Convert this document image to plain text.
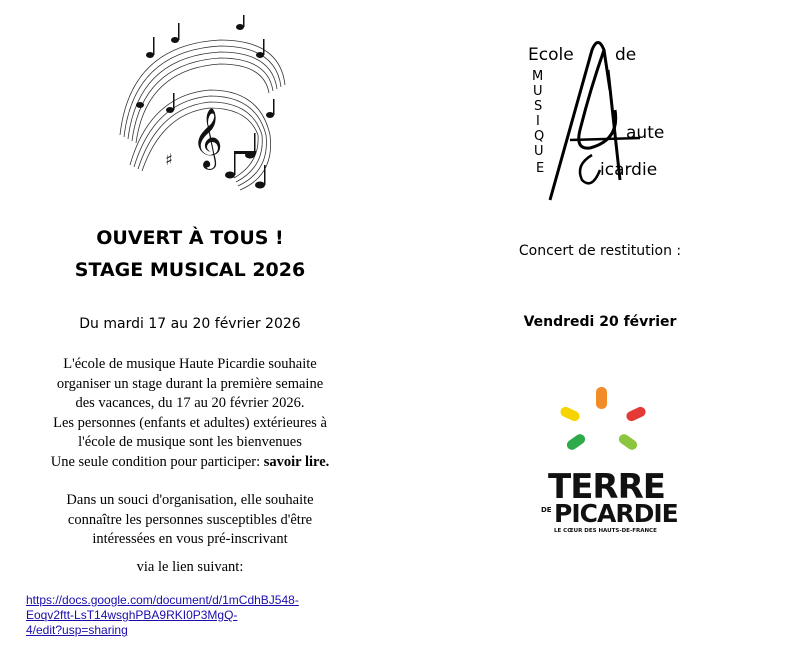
𝄞
♯
OUVERT À TOUS !
STAGE MUSICAL 2026
Du mardi 17 au 20 février 2026
L'école de musique Haute Picardie souhaite
organiser un stage durant la première semaine
des vacances, du 17 au 20 février 2026.
Les personnes (enfants et adultes) extérieures à
l'école de musique sont les bienvenues
Une seule condition pour participer: savoir lire.
Dans un souci d'organisation, elle souhaite
connaître les personnes susceptibles d'être
intéressées en vous pré-inscrivant
via le lien suivant:
https://docs.google.com/document/d/1mCdhBJ548-
Eoqv2ftt-LsT14wsghPBA9RKI0P3MgQ-
4/edit?usp=sharing
Ecole de
M
U
S
I
Q
U
E
aute
icardie
Concert de restitution :
Vendredi 20 février
TERRE
DE PICARDIE
LE CŒUR DES HAUTS-DE-FRANCE
